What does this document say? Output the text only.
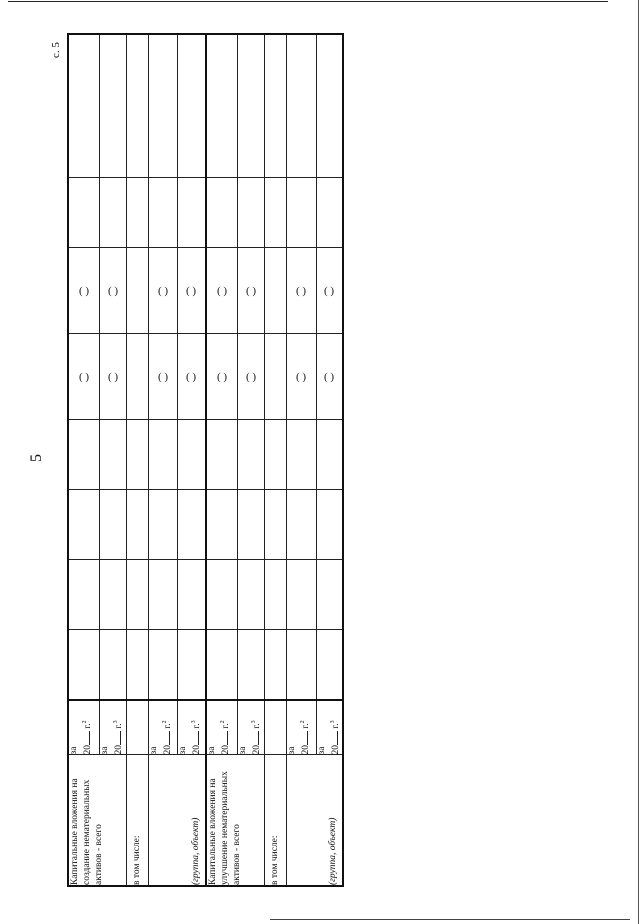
5
с. 5
Капитальные вложения на создание нематериальных активов - всего	за 20 г.$^2$					( )	( )		

	за 20 г.$^3$					( )	( )		

в том числе:									
(группа, объект)	за 20 г.$^2$					( )	( )		

	за 20 г.$^3$					( )	( )		

Капитальные вложения на улучшение нематериальных активов - всего	за 20 г.$^2$					( )	( )		

	за 20 г.$^3$					( )	( )		

в том числе:									
(группа, объект)	за 20 г.$^2$					( )	( )		

	за 20 г.$^3$					( )	( )		
